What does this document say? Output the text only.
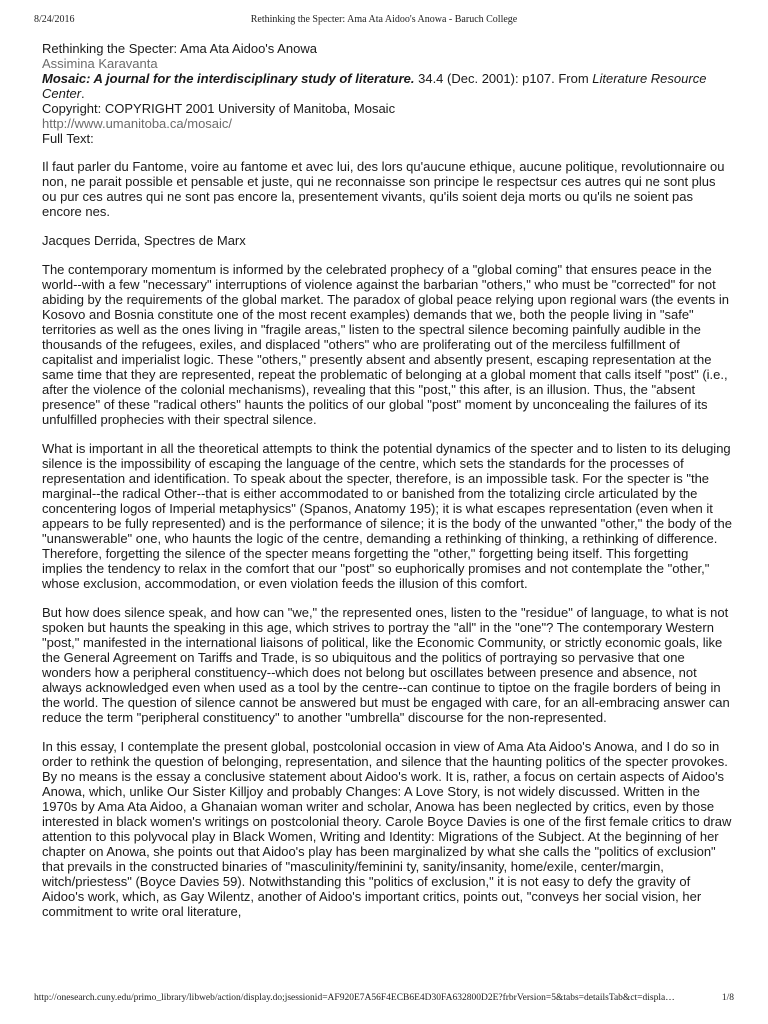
8/24/2016	Rethinking the Specter: Ama Ata Aidoo's Anowa - Baruch College
Rethinking the Specter: Ama Ata Aidoo's Anowa
Assimina Karavanta
Mosaic: A journal for the interdisciplinary study of literature. 34.4 (Dec. 2001): p107. From Literature Resource Center.
Copyright: COPYRIGHT 2001 University of Manitoba, Mosaic
http://www.umanitoba.ca/mosaic/
Full Text:

Il faut parler du Fantome, voire au fantome et avec lui, des lors qu'aucune ethique, aucune politique, revolutionnaire ou non, ne parait possible et pensable et juste, qui ne reconnaisse son principe le respectsur ces autres qui ne sont plus ou pur ces autres qui ne sont pas encore la, presentement vivants, qu'ils soient deja morts ou qu'ils ne soient pas encore nes.

Jacques Derrida, Spectres de Marx

The contemporary momentum is informed by the celebrated prophecy of a "global coming" that ensures peace in the world--with a few "necessary" interruptions of violence against the barbarian "others," who must be "corrected" for not abiding by the requirements of the global market. The paradox of global peace relying upon regional wars (the events in Kosovo and Bosnia constitute one of the most recent examples) demands that we, both the people living in "safe" territories as well as the ones living in "fragile areas," listen to the spectral silence becoming painfully audible in the thousands of the refugees, exiles, and displaced "others" who are proliferating out of the merciless fulfillment of capitalist and imperialist logic. These "others," presently absent and absently present, escaping representation at the same time that they are represented, repeat the problematic of belonging at a global moment that calls itself "post" (i.e., after the violence of the colonial mechanisms), revealing that this "post," this after, is an illusion. Thus, the "absent presence" of these "radical others" haunts the politics of our global "post" moment by unconcealing the failures of its unfulfilled prophecies with their spectral silence.

What is important in all the theoretical attempts to think the potential dynamics of the specter and to listen to its deluging silence is the impossibility of escaping the language of the centre, which sets the standards for the processes of representation and identification. To speak about the specter, therefore, is an impossible task. For the specter is "the marginal--the radical Other--that is either accommodated to or banished from the totalizing circle articulated by the concentering logos of Imperial metaphysics" (Spanos, Anatomy 195); it is what escapes representation (even when it appears to be fully represented) and is the performance of silence; it is the body of the unwanted "other," the body of the "unanswerable" one, who haunts the logic of the centre, demanding a rethinking of thinking, a rethinking of difference. Therefore, forgetting the silence of the specter means forgetting the "other," forgetting being itself. This forgetting implies the tendency to relax in the comfort that our "post" so euphorically promises and not contemplate the "other," whose exclusion, accommodation, or even violation feeds the illusion of this comfort.

But how does silence speak, and how can "we," the represented ones, listen to the "residue" of language, to what is not spoken but haunts the speaking in this age, which strives to portray the "all" in the "one"? The contemporary Western "post," manifested in the international liaisons of political, like the Economic Community, or strictly economic goals, like the General Agreement on Tariffs and Trade, is so ubiquitous and the politics of portraying so pervasive that one wonders how a peripheral constituency--which does not belong but oscillates between presence and absence, not always acknowledged even when used as a tool by the centre--can continue to tiptoe on the fragile borders of being in the world. The question of silence cannot be answered but must be engaged with care, for an all-embracing answer can reduce the term "peripheral constituency" to another "umbrella" discourse for the non-represented.

In this essay, I contemplate the present global, postcolonial occasion in view of Ama Ata Aidoo's Anowa, and I do so in order to rethink the question of belonging, representation, and silence that the haunting politics of the specter provokes. By no means is the essay a conclusive statement about Aidoo's work. It is, rather, a focus on certain aspects of Aidoo's Anowa, which, unlike Our Sister Killjoy and probably Changes: A Love Story, is not widely discussed. Written in the 1970s by Ama Ata Aidoo, a Ghanaian woman writer and scholar, Anowa has been neglected by critics, even by those interested in black women's writings on postcolonial theory. Carole Boyce Davies is one of the first female critics to draw attention to this polyvocal play in Black Women, Writing and Identity: Migrations of the Subject. At the beginning of her chapter on Anowa, she points out that Aidoo's play has been marginalized by what she calls the "politics of exclusion" that prevails in the constructed binaries of "masculinity/feminini ty, sanity/insanity, home/exile, center/margin, witch/priestess" (Boyce Davies 59). Notwithstanding this "politics of exclusion," it is not easy to defy the gravity of Aidoo's work, which, as Gay Wilentz, another of Aidoo's important critics, points out, "conveys her social vision, her commitment to write oral literature,

http://onesearch.cuny.edu/primo_library/libweb/action/display.do;jsessionid=AF920E7A56F4ECB6E4D30FA632800D2E?frbrVersion=5&tabs=detailsTab&ct=displa…	1/8
